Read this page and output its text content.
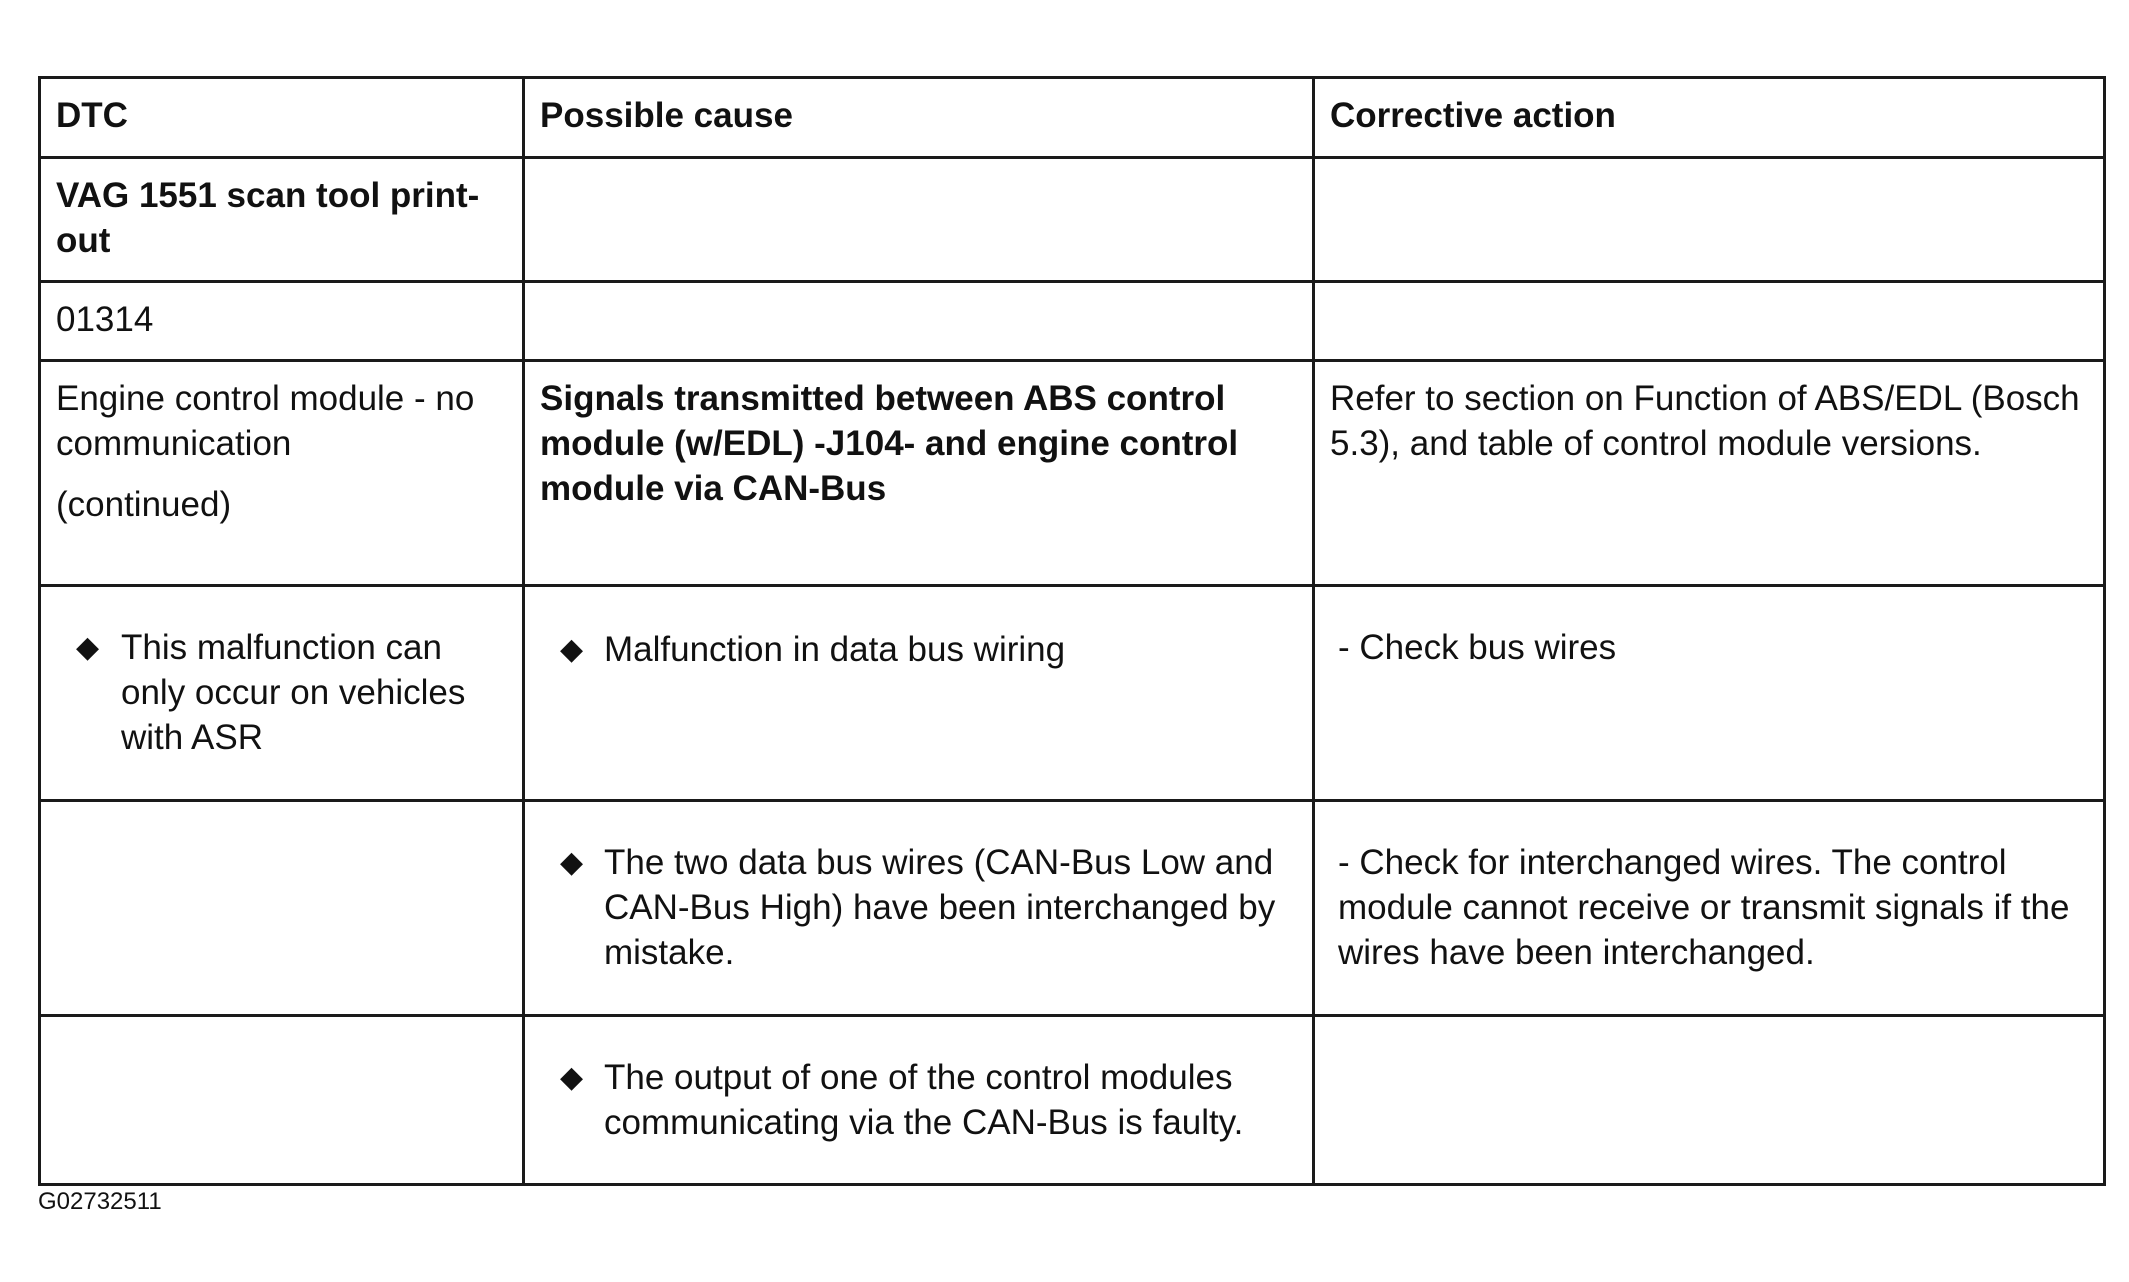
DTC	Possible cause	Corrective action

VAG 1551 scan tool print-out		

01314		

Engine control module - no communication
(continued)	Signals transmitted between ABS control module (w/EDL) -J104- and engine control module via CAN-Bus	Refer to section on Function of ABS/EDL (Bosch 5.3), and table of control module versions.

◆ This malfunction can only occur on vehicles with ASR	◆ Malfunction in data bus wiring	- Check bus wires

	◆ The two data bus wires (CAN-Bus Low and CAN-Bus High) have been interchanged by mistake.	- Check for interchanged wires. The control module cannot receive or transmit signals if the wires have been interchanged.

	◆ The output of one of the control modules communicating via the CAN-Bus is faulty.	

G02732511
